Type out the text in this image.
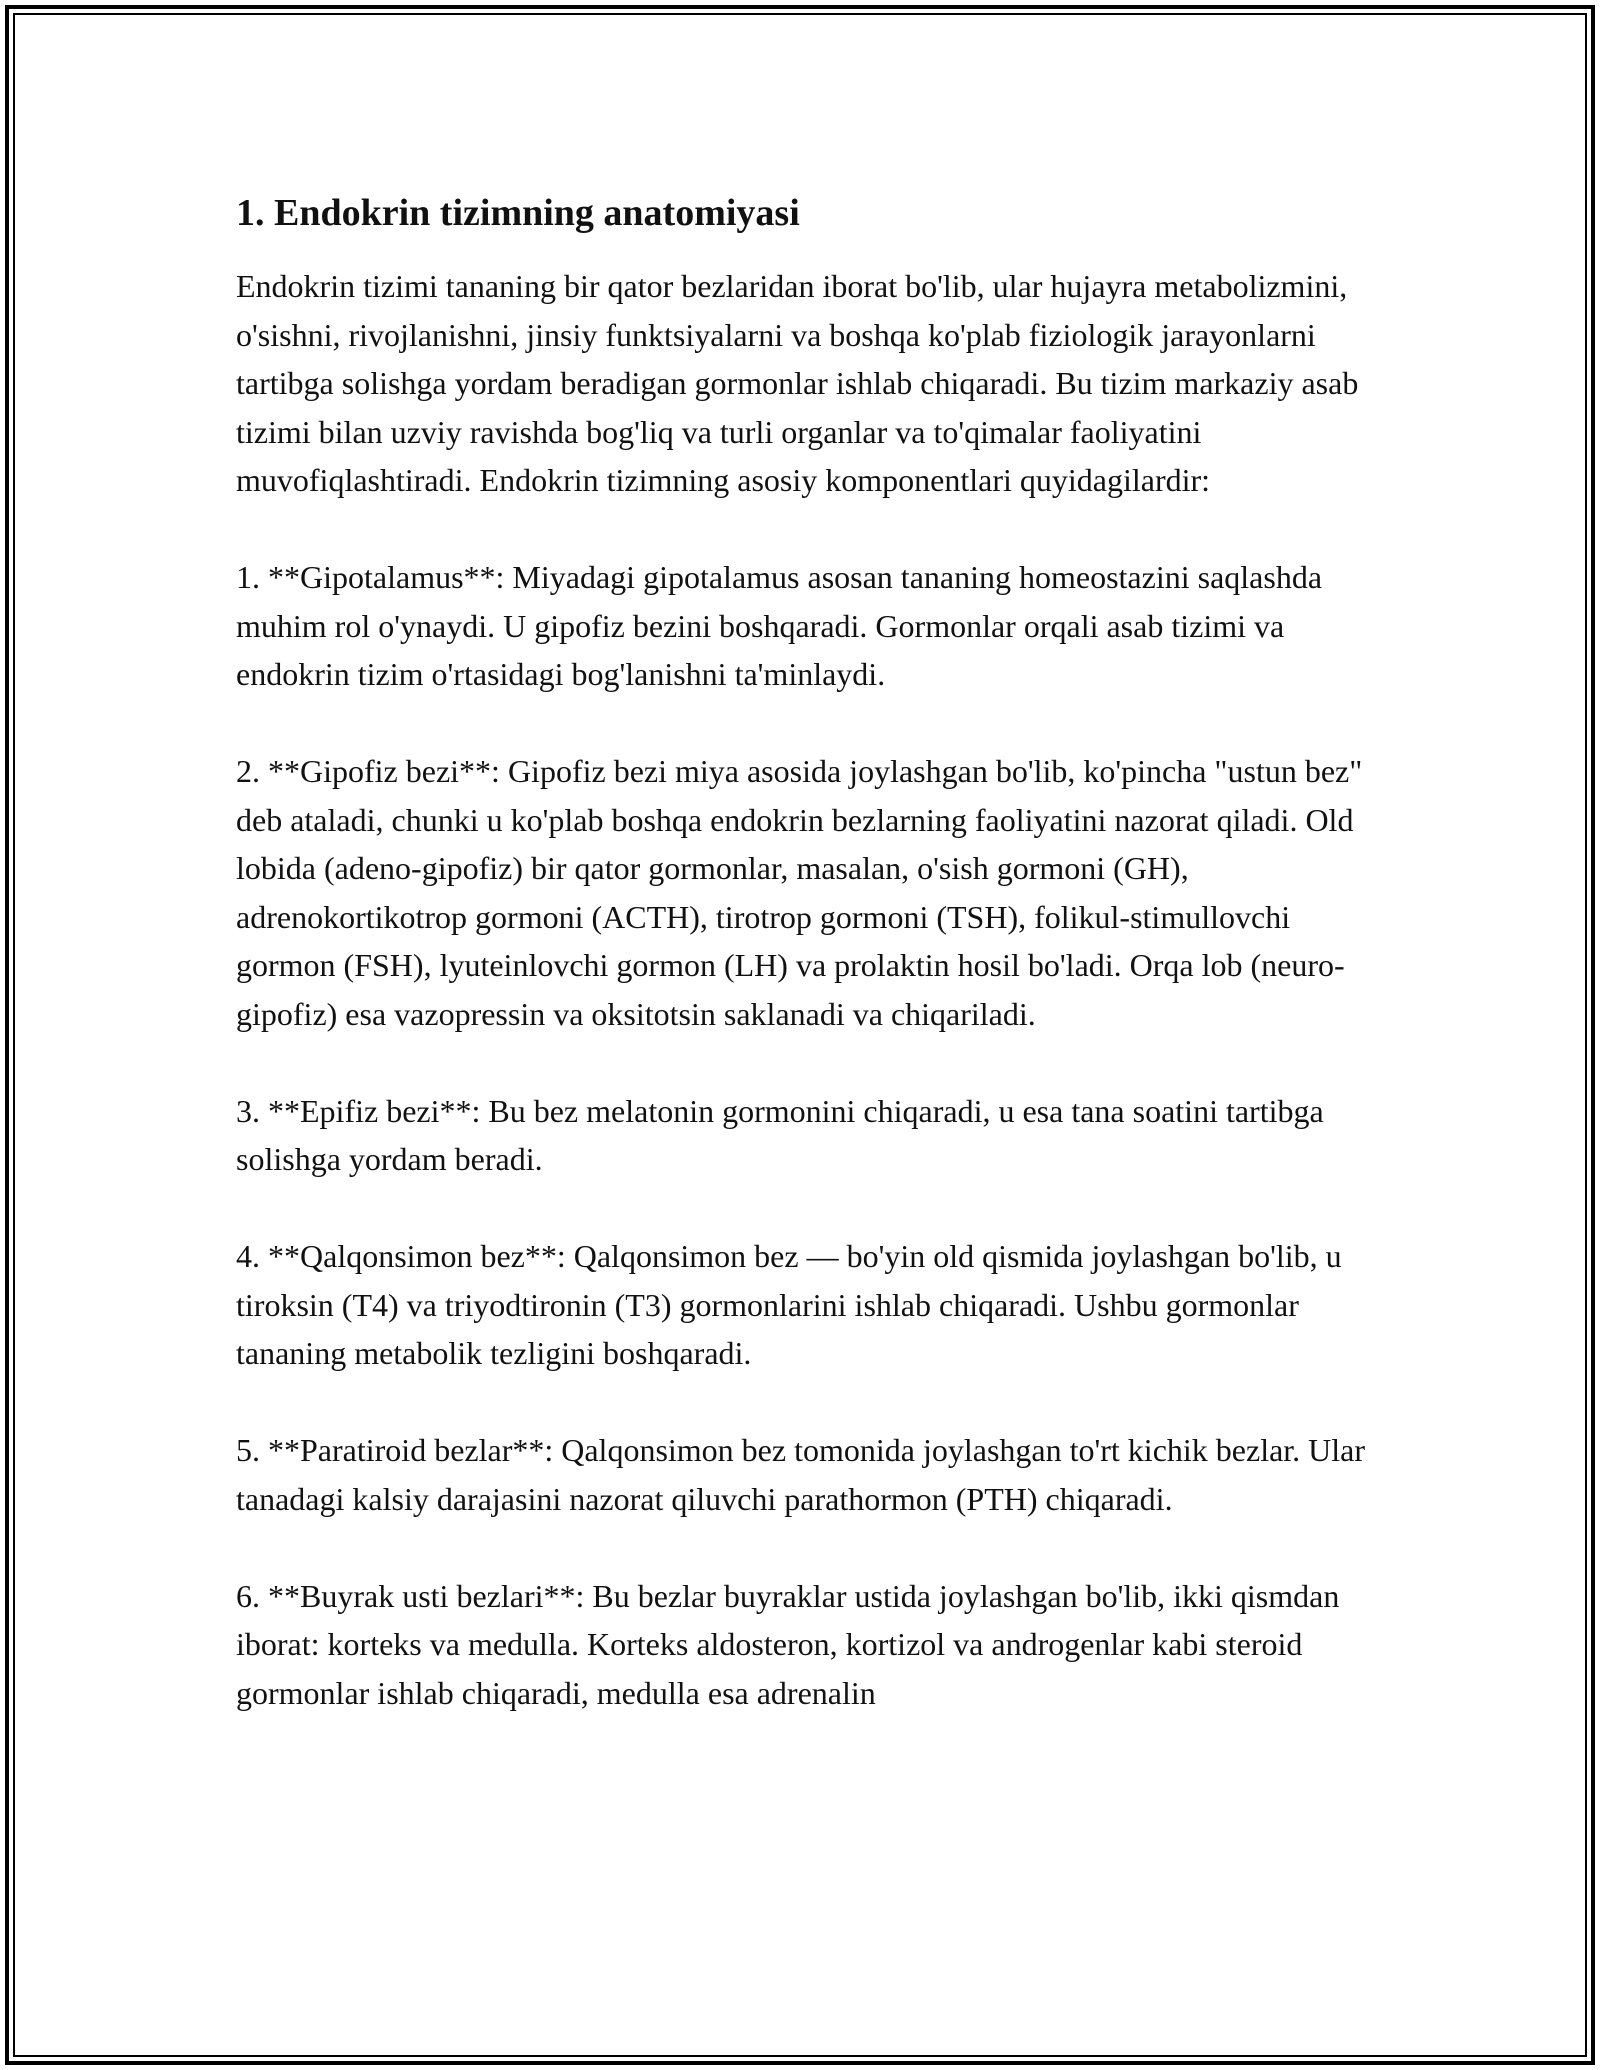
1. Endokrin tizimning anatomiyasi

Endokrin tizimi tananing bir qator bezlaridan iborat bo'lib, ular hujayra metabolizmini, o'sishni, rivojlanishni, jinsiy funktsiyalarni va boshqa ko'plab fiziologik jarayonlarni tartibga solishga yordam beradigan gormonlar ishlab chiqaradi. Bu tizim markaziy asab tizimi bilan uzviy ravishda bog'liq va turli organlar va to'qimalar faoliyatini muvofiqlashtiradi. Endokrin tizimning asosiy komponentlari quyidagilardir:

1. **Gipotalamus**: Miyadagi gipotalamus asosan tananing homeostazini saqlashda muhim rol o'ynaydi. U gipofiz bezini boshqaradi. Gormonlar orqali asab tizimi va endokrin tizim o'rtasidagi bog'lanishni ta'minlaydi.

2. **Gipofiz bezi**: Gipofiz bezi miya asosida joylashgan bo'lib, ko'pincha "ustun bez" deb ataladi, chunki u ko'plab boshqa endokrin bezlarning faoliyatini nazorat qiladi. Old lobida (adeno-gipofiz) bir qator gormonlar, masalan, o'sish gormoni (GH), adrenokortikotrop gormoni (ACTH), tirotrop gormoni (TSH), folikul-stimullovchi gormon (FSH), lyuteinlovchi gormon (LH) va prolaktin hosil bo'ladi. Orqa lob (neuro-gipofiz) esa vazopressin va oksitotsin saklanadi va chiqariladi.

3. **Epifiz bezi**: Bu bez melatonin gormonini chiqaradi, u esa tana soatini tartibga solishga yordam beradi.

4. **Qalqonsimon bez**: Qalqonsimon bez — bo'yin old qismida joylashgan bo'lib, u tiroksin (T4) va triyodtironin (T3) gormonlarini ishlab chiqaradi. Ushbu gormonlar tananing metabolik tezligini boshqaradi.

5. **Paratiroid bezlar**: Qalqonsimon bez tomonida joylashgan to'rt kichik bezlar. Ular tanadagi kalsiy darajasini nazorat qiluvchi parathormon (PTH) chiqaradi.

6. **Buyrak usti bezlari**: Bu bezlar buyraklar ustida joylashgan bo'lib, ikki qismdan iborat: korteks va medulla. Korteks aldosteron, kortizol va androgenlar kabi steroid gormonlar ishlab chiqaradi, medulla esa adrenalin
